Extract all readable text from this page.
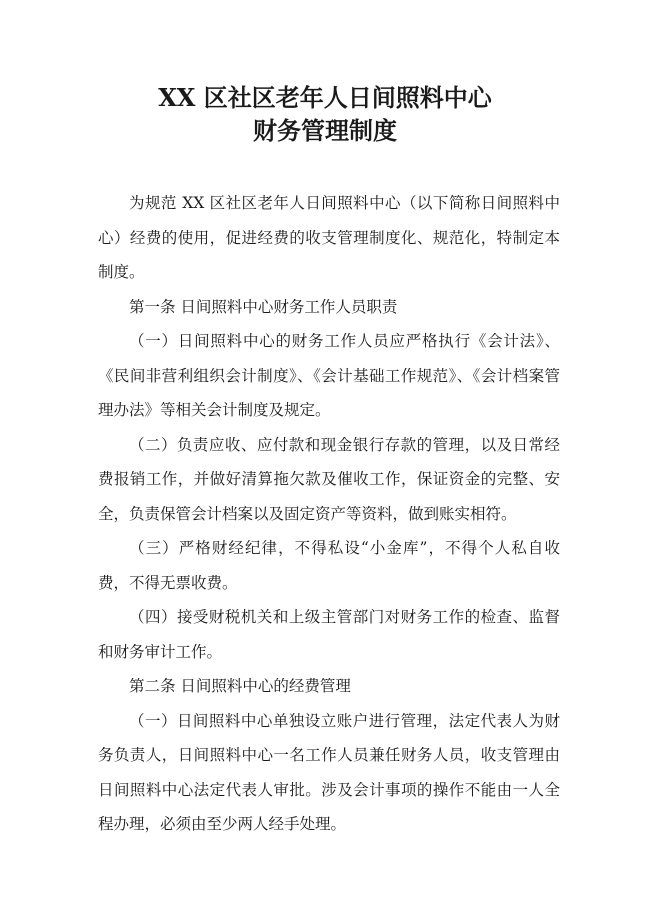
XX 区社区老年人日间照料中心
财务管理制度

为规范 XX 区社区老年人日间照料中心（以下简称日间照料中心）经费的使用，促进经费的收支管理制度化、规范化，特制定本制度。

第一条 日间照料中心财务工作人员职责

（一）日间照料中心的财务工作人员应严格执行《会计法》、《民间非营利组织会计制度》、《会计基础工作规范》、《会计档案管理办法》等相关会计制度及规定。

（二）负责应收、应付款和现金银行存款的管理，以及日常经费报销工作，并做好清算拖欠款及催收工作，保证资金的完整、安全，负责保管会计档案以及固定资产等资料，做到账实相符。

（三）严格财经纪律，不得私设“小金库”，不得个人私自收费，不得无票收费。

（四）接受财税机关和上级主管部门对财务工作的检查、监督和财务审计工作。

第二条 日间照料中心的经费管理

（一）日间照料中心单独设立账户进行管理，法定代表人为财务负责人，日间照料中心一名工作人员兼任财务人员，收支管理由日间照料中心法定代表人审批。涉及会计事项的操作不能由一人全程办理，必须由至少两人经手处理。
